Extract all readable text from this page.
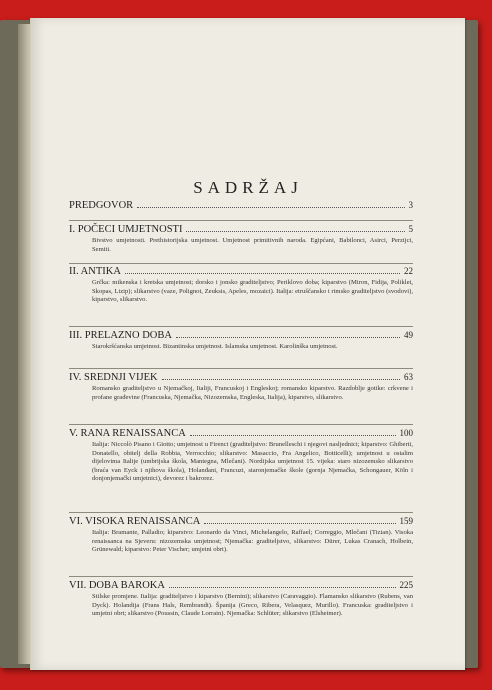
SADRŽAJ
PREDGOVOR	3
I. POČECI UMJETNOSTI	5
Bivstvo umjetnosti. Prethistorijska umjetnost. Umjetnost primitivnih naroda. Egipćani, Babilonci, Asirci, Perzijci, Semiti.
II. ANTIKA	22
Grčka: mikenska i kretska umjetnost; dorsko i jonsko graditeljstvo; Periklovo doba; kiparstvo (Miron, Fidija, Poliklet, Skopas, Lizip); slikarstvo (vaze, Polignot, Zeuksis, Apeles, mozaici). Italija: etruščansko i rimsko graditeljstvo (svodovi), kiparstvo, slikarstvo.
III. PRELAZNO DOBA	49
Starokršćanska umjetnost. Bizantinska umjetnost. Islamska umjetnost. Karolinška umjetnost.
IV. SREDNJI VIJEK	63
Romansko graditeljstvo u Njemačkoj, Italiji, Francuskoj i Engleskoj; romansko kiparstvo. Razdoblje gotike: crkvene i profane građevine (Francuska, Njemačka, Nizozemska, Engleska, Italija), kiparstvo, slikarstvo.
V. RANA RENAISSANCA	100
Italija: Niccolò Pisano i Giotto; umjetnost u Firenci (graditeljstvo: Brunelleschi i njegovi nasljednici; kiparstvo: Ghiberti, Donatello, obitelj della Robbia, Verrocchio; slikarstvo: Masaccio, Fra Angelico, Botticelli); umjetnost u ostalim dijelovima Italije (umbrijska škola, Mantegna, Mlečani). Nordijska umjetnost 15. vijeka: staro nizozemsko slikarstvo (braća van Eyck i njihova škola), Holanđani, Francuzi, staronjemačke škole (gornja Njemačka, Schongauer, Köln i donjonjemački umjetnici), devorez i bakrorez.
VI. VISOKA RENAISSANCA	159
Italija: Bramante, Palladio; kiparstvo: Leonardo da Vinci, Michelangelo, Raffael; Correggio, Mlečani (Tizian). Visoka renaissanca na Sjeveru: nizozemska umjetnost; Njemačka: graditeljstvo, slikarstvo: Dürer, Lukas Cranach, Holbein, Grünewald; kiparstvo: Peter Vischer; umjetni obrt).
VII. DOBA BAROKA	225
Stilske promjene. Italija: graditeljstvo i kiparstvo (Bernini); slikarstvo (Caravaggio). Flamansko slikarstvo (Rubens, van Dyck). Holandija (Frans Hals, Rembrandt). Španija (Greco, Ribera, Velasquez, Murillo). Francuska: graditeljstvo i umjetni obrt; slikarstvo (Poussin, Claude Lorrain). Njemačka: Schlüter; slikarstvo (Elsheimer).
